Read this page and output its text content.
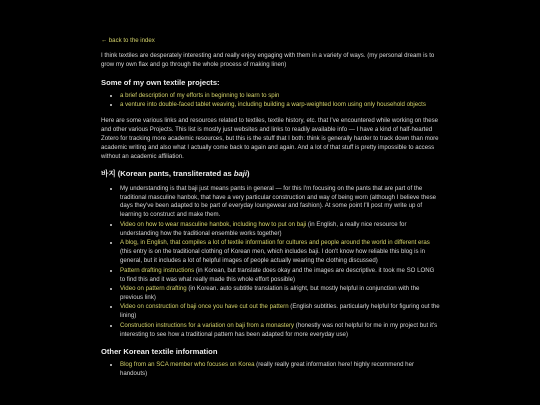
← back to the index

I think textiles are desperately interesting and really enjoy engaging with them in a variety of ways. (my personal dream is to grow my own flax and go through the whole process of making linen)

Some of my own textile projects:
• a brief description of my efforts in beginning to learn to spin
• a venture into double-faced tablet weaving, including building a warp-weighted loom using only household objects

Here are some various links and resources related to textiles, textile history, etc. that I've encountered while working on these and other various Projects. This list is mostly just websites and links to readily available info — I have a kind of half-hearted Zotero for tracking more academic resources, but this is the stuff that I both: think is generally harder to track down than more academic writing and also what I actually come back to again and again. And a lot of that stuff is pretty impossible to access without an academic affiliation.

바지 (Korean pants, transliterated as baji)
• My understanding is that baji just means pants in general — for this I'm focusing on the pants that are part of the traditional masculine hanbok, that have a very particular construction and way of being worn (although I believe these days they've been adapted to be part of everyday loungewear and fashion). At some point I'll post my write up of learning to construct and make them.
• Video on how to wear masculine hanbok, including how to put on baji (in English, a really nice resource for understanding how the traditional ensemble works together)
• A blog, in English, that compiles a lot of textile information for cultures and people around the world in different eras (this entry is on the traditional clothing of Korean men, which includes baji. I don't know how reliable this blog is in general, but it includes a lot of helpful images of people actually wearing the clothing discussed)
• Pattern drafting instructions (in Korean, but translate does okay and the images are descriptive. it took me SO LONG to find this and it was what really made this whole effort possible)
• Video on pattern drafting (in Korean. auto subtitle translation is alright, but mostly helpful in conjunction with the previous link)
• Video on construction of baji once you have cut out the pattern (English subtitles. particularly helpful for figuring out the lining)
• Construction instructions for a variation on baji from a monastery (honestly was not helpful for me in my project but it's interesting to see how a traditional pattern has been adapted for more everyday use)
Other Korean textile information
• Blog from an SCA member who focuses on Korea (really really great information here! highly recommend her handouts)
